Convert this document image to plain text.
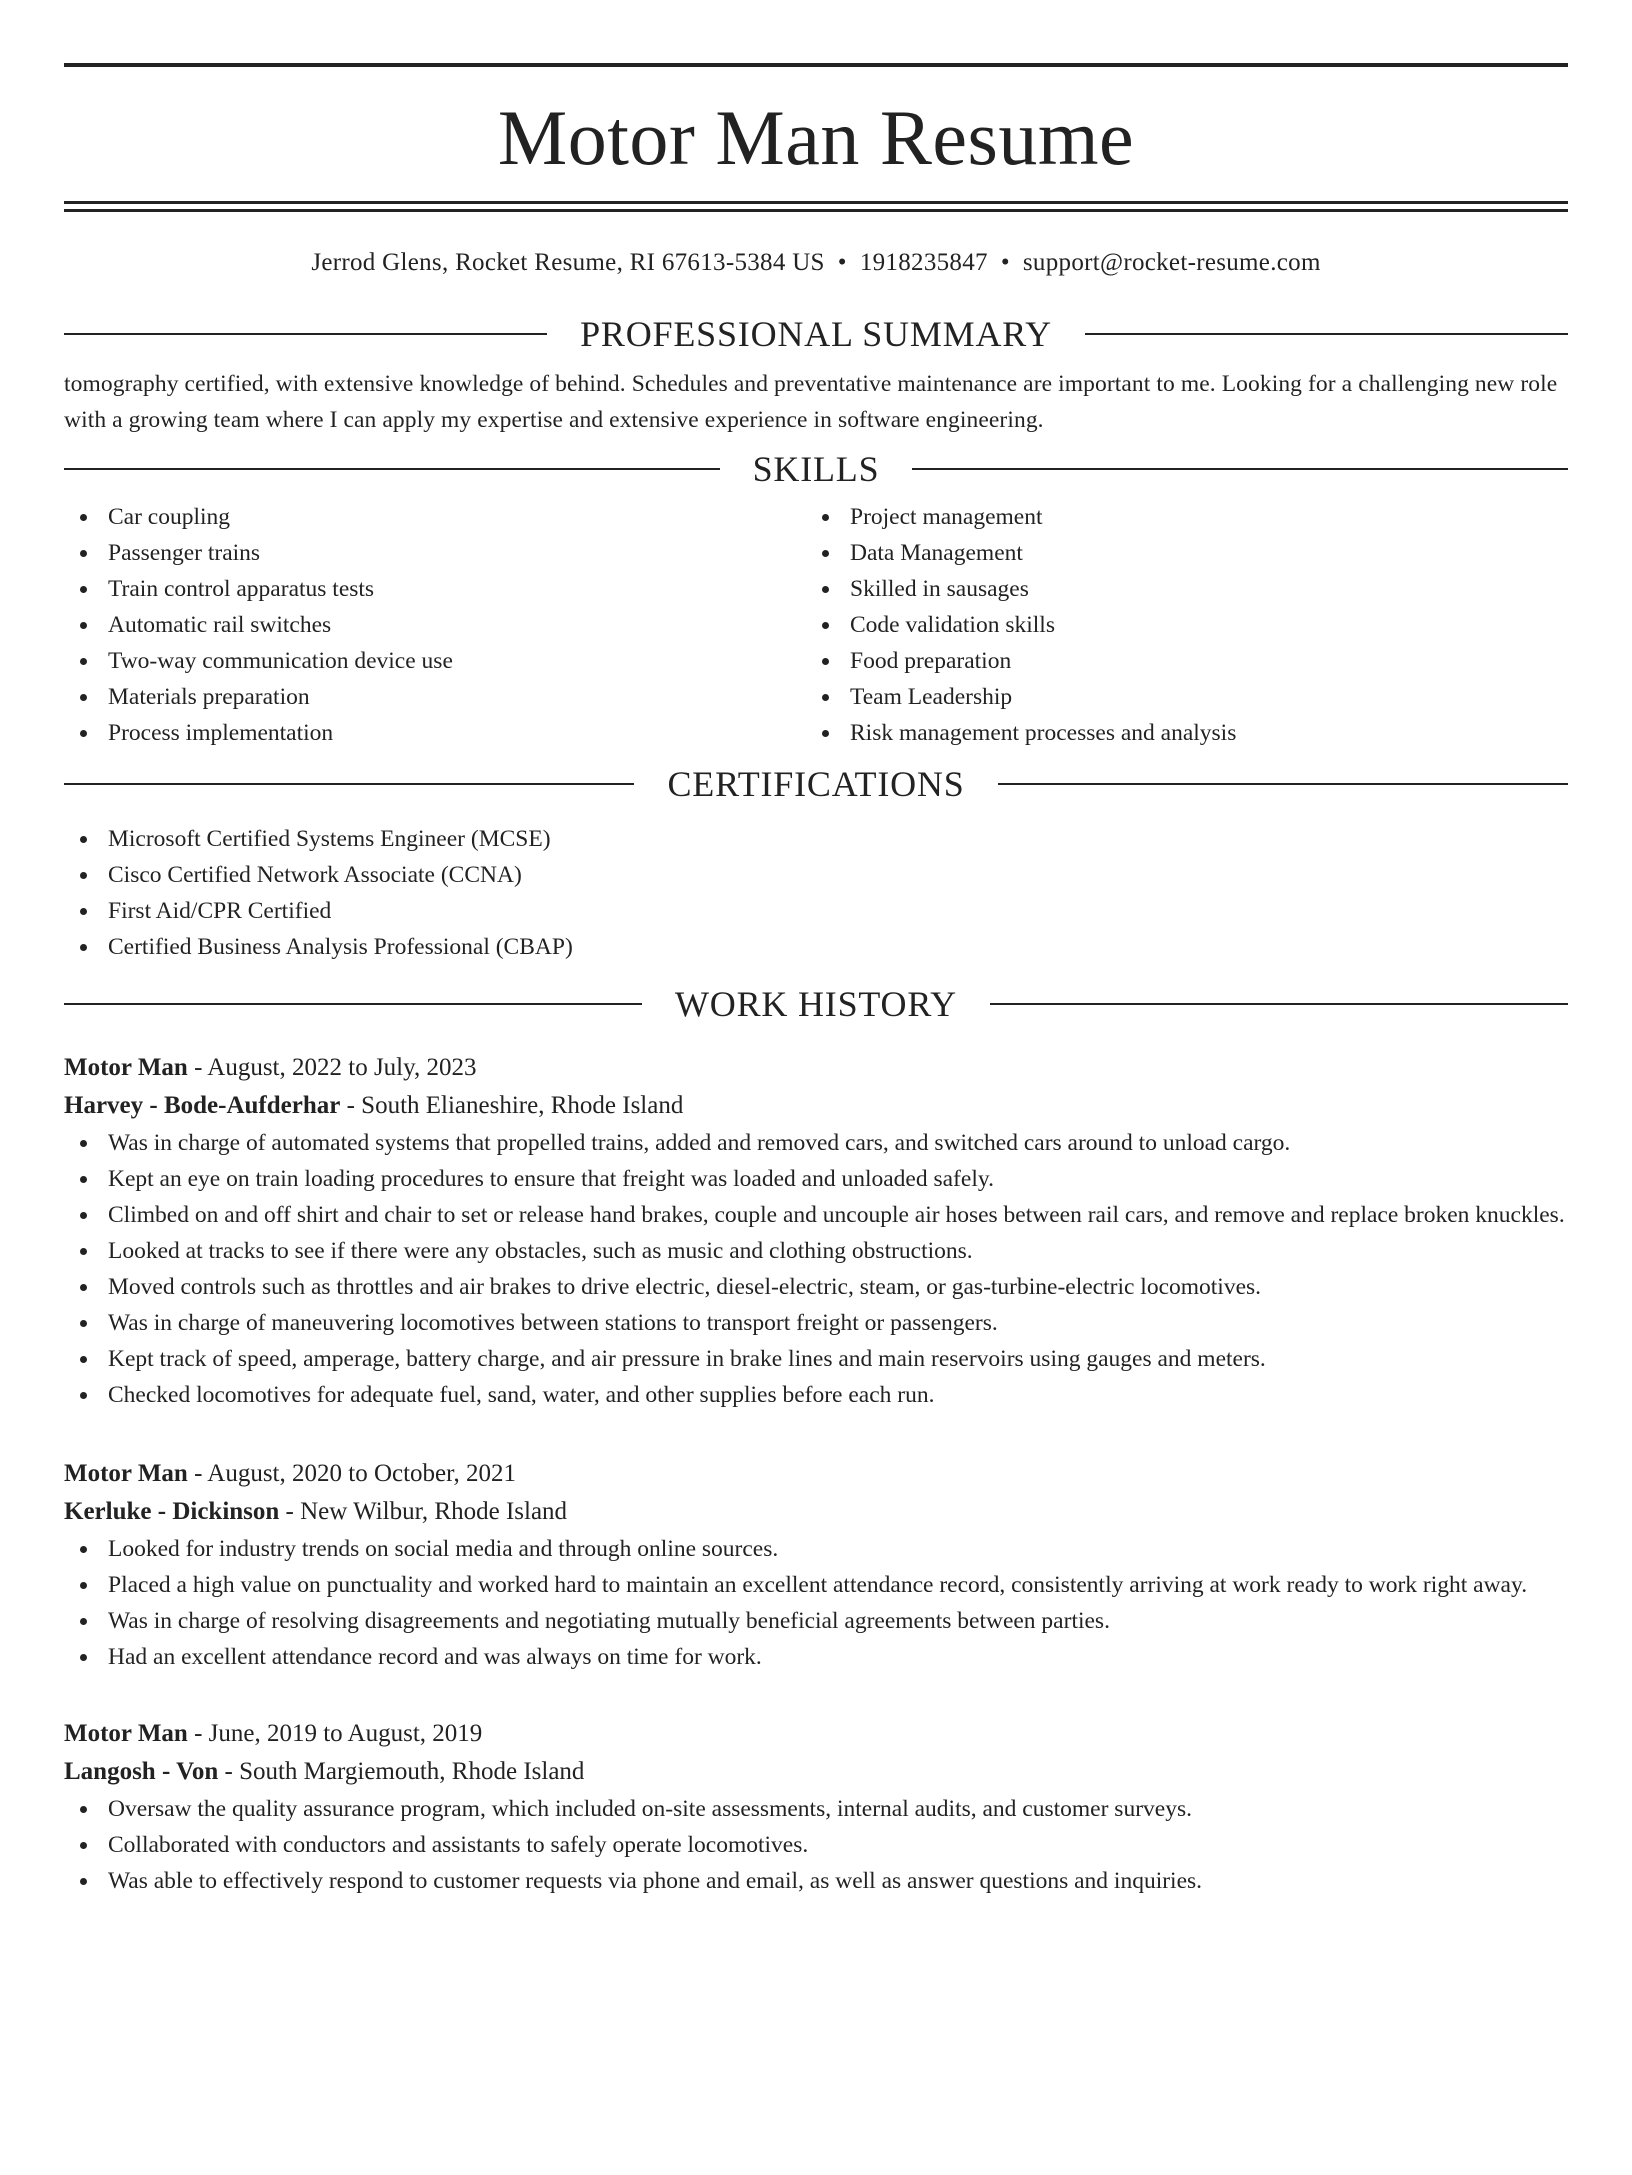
Motor Man Resume
Jerrod Glens, Rocket Resume, RI 67613-5384 US • 1918235847 • support@rocket-resume.com
PROFESSIONAL SUMMARY

tomography certified, with extensive knowledge of behind. Schedules and preventative maintenance are important to me. Looking for a challenging new role with a growing team where I can apply my expertise and extensive experience in software engineering.

SKILLS
Car coupling
Passenger trains
Train control apparatus tests
Automatic rail switches
Two-way communication device use
Materials preparation
Process implementation
Project management
Data Management
Skilled in sausages
Code validation skills
Food preparation
Team Leadership
Risk management processes and analysis
CERTIFICATIONS
Microsoft Certified Systems Engineer (MCSE)
Cisco Certified Network Associate (CCNA)
First Aid/CPR Certified
Certified Business Analysis Professional (CBAP)
WORK HISTORY
Motor Man - August, 2022 to July, 2023
Harvey - Bode-Aufderhar - South Elianeshire, Rhode Island
Was in charge of automated systems that propelled trains, added and removed cars, and switched cars around to unload cargo.
Kept an eye on train loading procedures to ensure that freight was loaded and unloaded safely.
Climbed on and off shirt and chair to set or release hand brakes, couple and uncouple air hoses between rail cars, and remove and replace broken knuckles.
Looked at tracks to see if there were any obstacles, such as music and clothing obstructions.
Moved controls such as throttles and air brakes to drive electric, diesel-electric, steam, or gas-turbine-electric locomotives.
Was in charge of maneuvering locomotives between stations to transport freight or passengers.
Kept track of speed, amperage, battery charge, and air pressure in brake lines and main reservoirs using gauges and meters.
Checked locomotives for adequate fuel, sand, water, and other supplies before each run.
Motor Man - August, 2020 to October, 2021
Kerluke - Dickinson - New Wilbur, Rhode Island
Looked for industry trends on social media and through online sources.
Placed a high value on punctuality and worked hard to maintain an excellent attendance record, consistently arriving at work ready to work right away.
Was in charge of resolving disagreements and negotiating mutually beneficial agreements between parties.
Had an excellent attendance record and was always on time for work.
Motor Man - June, 2019 to August, 2019
Langosh - Von - South Margiemouth, Rhode Island
Oversaw the quality assurance program, which included on-site assessments, internal audits, and customer surveys.
Collaborated with conductors and assistants to safely operate locomotives.
Was able to effectively respond to customer requests via phone and email, as well as answer questions and inquiries.
